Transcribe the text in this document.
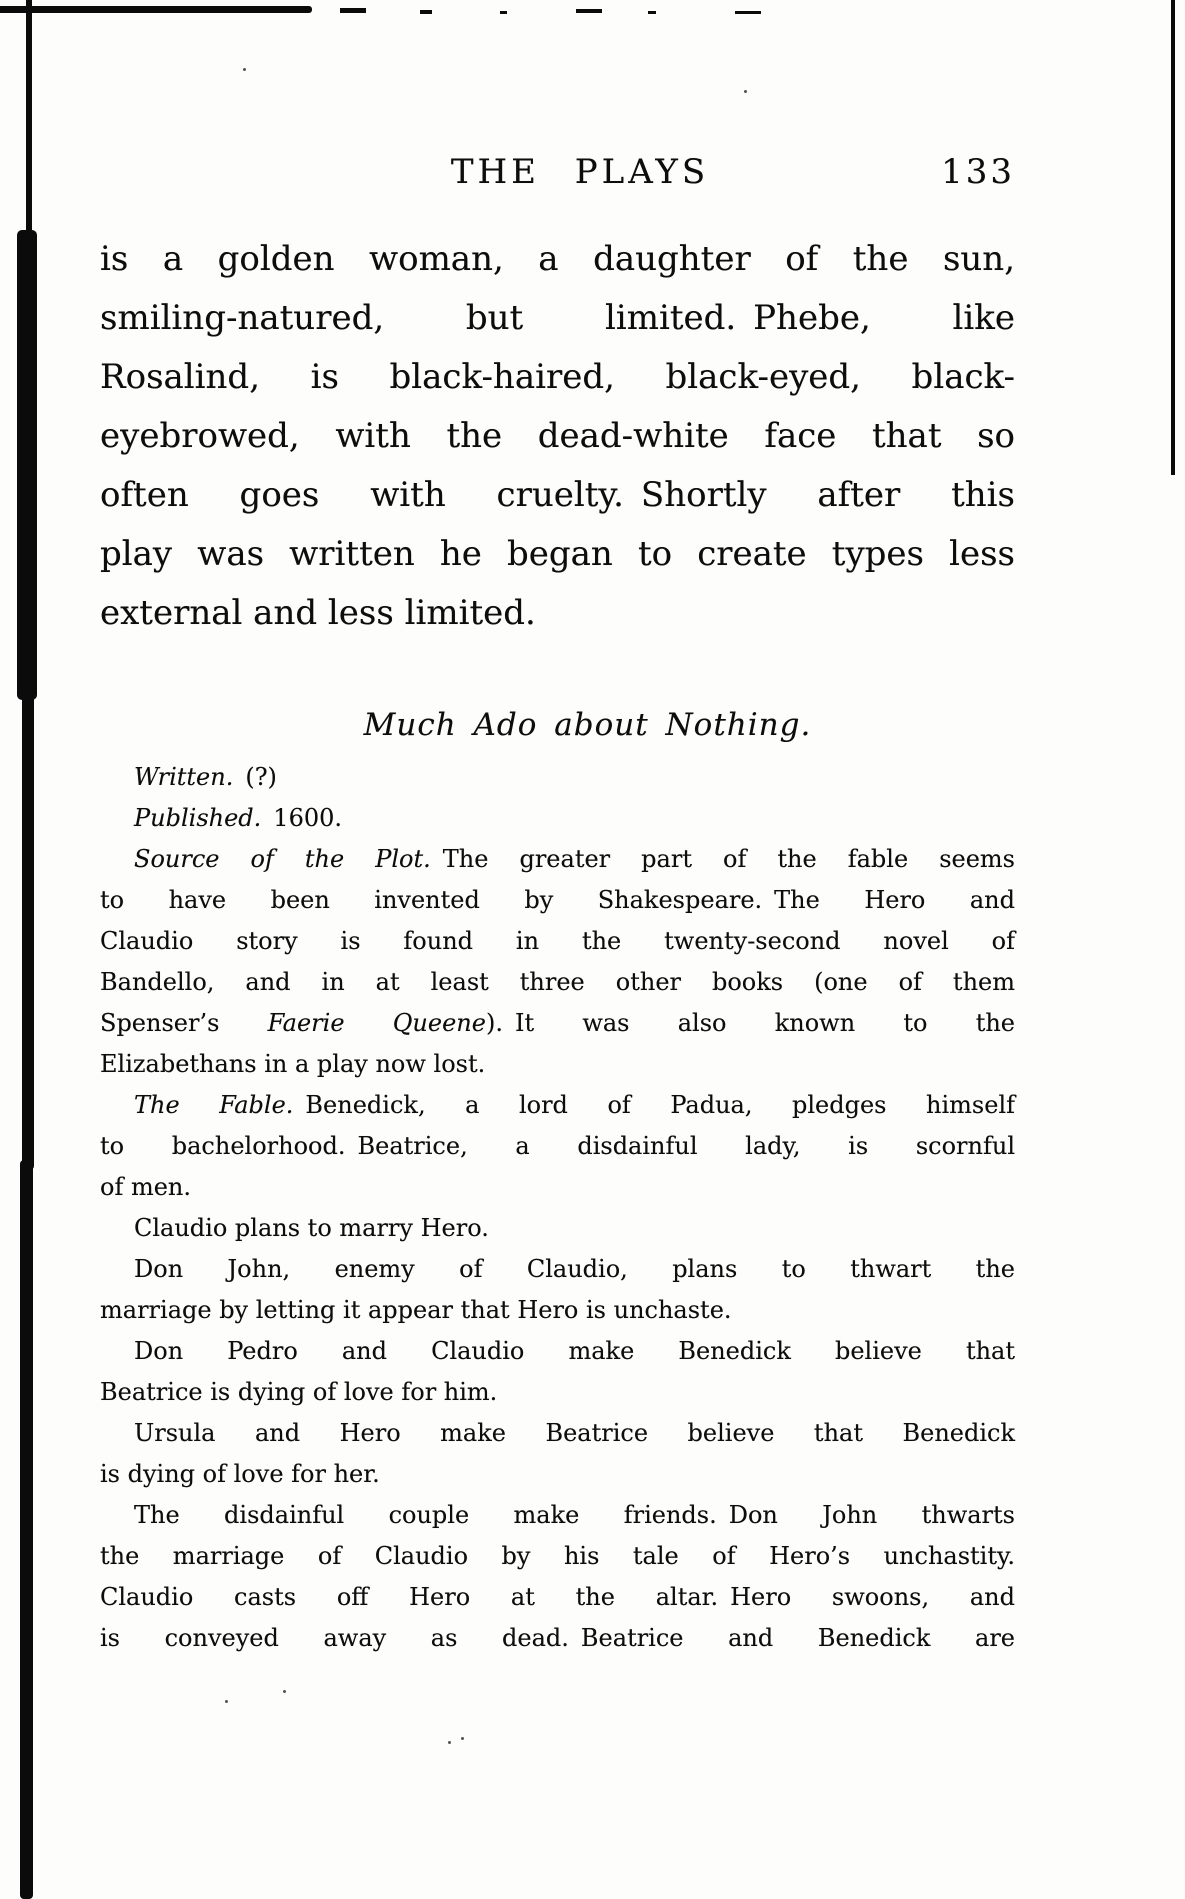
THE PLAYS	133
is a golden woman, a daughter of the sun,
smiling-natured, but limited. Phebe, like
Rosalind, is black-haired, black-eyed, black-
eyebrowed, with the dead-white face that so
often goes with cruelty. Shortly after this
play was written he began to create types less
external and less limited.
Much Ado about Nothing.
Written. (?)
Published. 1600.
Source of the Plot. The greater part of the fable seems
to have been invented by Shakespeare. The Hero and
Claudio story is found in the twenty-second novel of
Bandello, and in at least three other books (one of them
Spenser’s Faerie Queene). It was also known to the
Elizabethans in a play now lost.
The Fable. Benedick, a lord of Padua, pledges himself
to bachelorhood. Beatrice, a disdainful lady, is scornful
of men.
Claudio plans to marry Hero.
Don John, enemy of Claudio, plans to thwart the
marriage by letting it appear that Hero is unchaste.
Don Pedro and Claudio make Benedick believe that
Beatrice is dying of love for him.
Ursula and Hero make Beatrice believe that Benedick
is dying of love for her.
The disdainful couple make friends. Don John thwarts
the marriage of Claudio by his tale of Hero’s unchastity.
Claudio casts off Hero at the altar. Hero swoons, and
is conveyed away as dead. Beatrice and Benedick are
